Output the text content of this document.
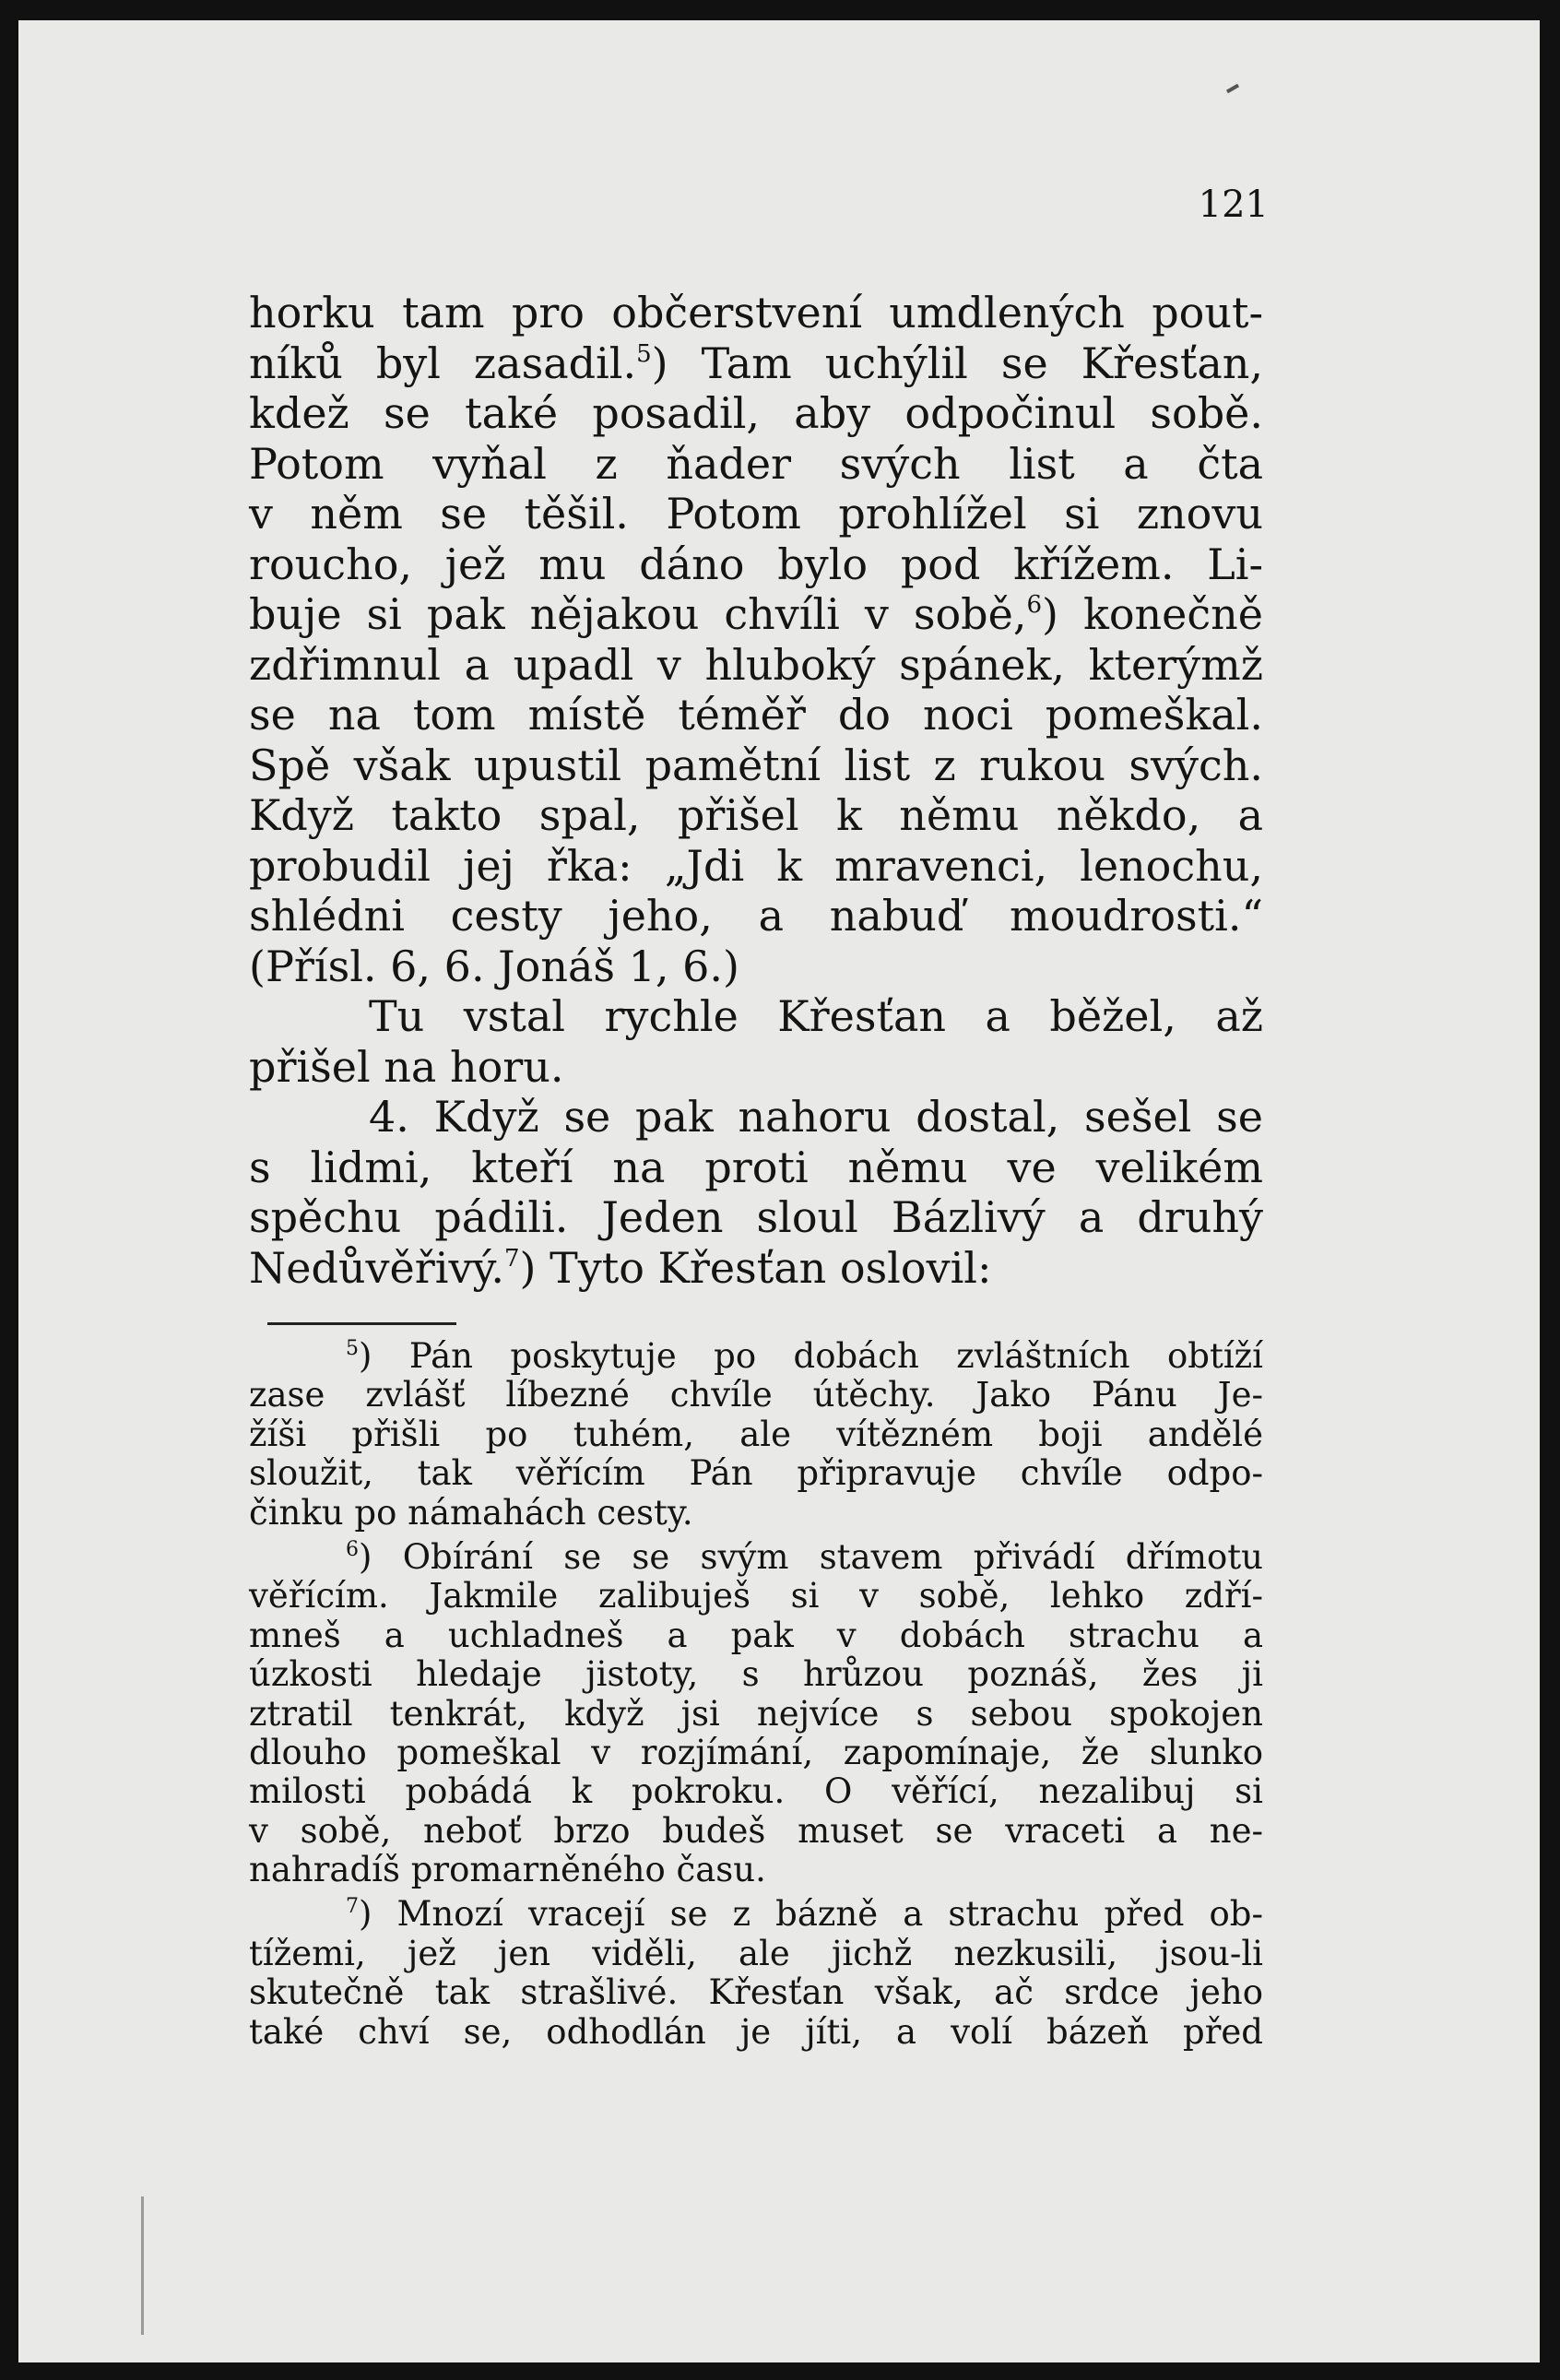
121
horku tam pro občerstvení umdlených pout-
níků byl zasadil.$^5$) Tam uchýlil se Křesťan,
kdež se také posadil, aby odpočinul sobě.
Potom vyňal z ňader svých list a čta
v něm se těšil. Potom prohlížel si znovu
roucho, jež mu dáno bylo pod křížem. Li-
buje si pak nějakou chvíli v sobě,$^6$) konečně
zdřimnul a upadl v hluboký spánek, kterýmž
se na tom místě téměř do noci pomeškal.
Spě však upustil pamětní list z rukou svých.
Když takto spal, přišel k němu někdo, a
probudil jej řka: „Jdi k mravenci, lenochu,
shlédni cesty jeho, a nabuď moudrosti.“
(Přísl. 6, 6. Jonáš 1, 6.)
Tu vstal rychle Křesťan a běžel, až
přišel na horu.
4. Když se pak nahoru dostal, sešel se
s lidmi, kteří na proti němu ve velikém
spěchu pádili. Jeden sloul Bázlivý a druhý
Nedůvěřivý.$^7$) Tyto Křesťan oslovil:
$^5$) Pán poskytuje po dobách zvláštních obtíží
zase zvlášť líbezné chvíle útěchy. Jako Pánu Je-
žíši přišli po tuhém, ale vítězném boji andělé
sloužit, tak věřícím Pán připravuje chvíle odpo-
činku po námahách cesty.
$^6$) Obírání se se svým stavem přivádí dřímotu
věřícím. Jakmile zalibuješ si v sobě, lehko zdří-
mneš a uchladneš a pak v dobách strachu a
úzkosti hledaje jistoty, s hrůzou poznáš, žes ji
ztratil tenkrát, když jsi nejvíce s sebou spokojen
dlouho pomeškal v rozjímání, zapomínaje, že slunko
milosti pobádá k pokroku. O věřící, nezalibuj si
v sobě, neboť brzo budeš muset se vraceti a ne-
nahradíš promarněného času.
$^7$) Mnozí vracejí se z bázně a strachu před ob-
tížemi, jež jen viděli, ale jichž nezkusili, jsou-li
skutečně tak strašlivé. Křesťan však, ač srdce jeho
také chví se, odhodlán je jíti, a volí bázeň před
